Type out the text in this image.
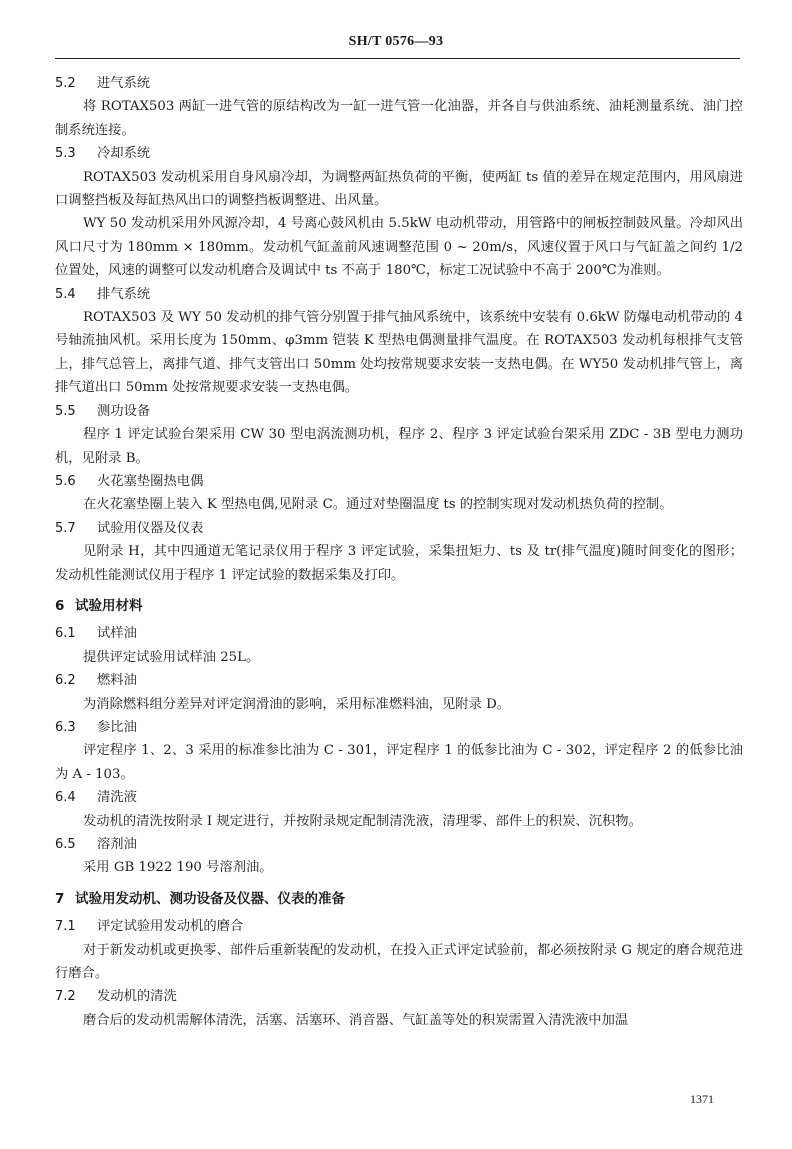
SH/T 0576—93
5.2 进气系统

将 ROTAX503 两缸一进气管的原结构改为一缸一进气管一化油器，并各自与供油系统、油耗测量系统、油门控制系统连接。

5.3 冷却系统

ROTAX503 发动机采用自身风扇冷却，为调整两缸热负荷的平衡，使两缸 ts 值的差异在规定范围内，用风扇进口调整挡板及每缸热风出口的调整挡板调整进、出风量。

WY 50 发动机采用外风源冷却，4 号离心鼓风机由 5.5kW 电动机带动，用管路中的闸板控制鼓风量。冷却风出风口尺寸为 180mm × 180mm。发动机气缸盖前风速调整范围 0 ~ 20m/s，风速仪置于风口与气缸盖之间约 1/2 位置处，风速的调整可以发动机磨合及调试中 ts 不高于 180℃，标定工况试验中不高于 200℃为准则。

5.4 排气系统

ROTAX503 及 WY 50 发动机的排气管分别置于排气抽风系统中，该系统中安装有 0.6kW 防爆电动机带动的 4 号轴流抽风机。采用长度为 150mm、φ3mm 铠装 K 型热电偶测量排气温度。在 ROTAX503 发动机每根排气支管上，排气总管上，离排气道、排气支管出口 50mm 处均按常规要求安装一支热电偶。在 WY50 发动机排气管上，离排气道出口 50mm 处按常规要求安装一支热电偶。

5.5 测功设备

程序 1 评定试验台架采用 CW 30 型电涡流测功机，程序 2、程序 3 评定试验台架采用 ZDC - 3B 型电力测功机，见附录 B。

5.6 火花塞垫圈热电偶

在火花塞垫圈上装入 K 型热电偶,见附录 C。通过对垫圈温度 ts 的控制实现对发动机热负荷的控制。

5.7 试验用仪器及仪表

见附录 H，其中四通道无笔记录仪用于程序 3 评定试验，采集扭矩力、ts 及 tr(排气温度)随时间变化的图形；发动机性能测试仪用于程序 1 评定试验的数据采集及打印。

6 试验用材料
6.1 试样油

提供评定试验用试样油 25L。

6.2 燃料油

为消除燃料组分差异对评定润滑油的影响，采用标准燃料油，见附录 D。

6.3 参比油

评定程序 1、2、3 采用的标准参比油为 C - 301，评定程序 1 的低参比油为 C - 302，评定程序 2 的低参比油为 A - 103。

6.4 清洗液

发动机的清洗按附录 I 规定进行，并按附录规定配制清洗液，清理零、部件上的积炭、沉积物。

6.5 溶剂油

采用 GB 1922 190 号溶剂油。

7 试验用发动机、测功设备及仪器、仪表的准备
7.1 评定试验用发动机的磨合

对于新发动机或更换零、部件后重新装配的发动机，在投入正式评定试验前，都必须按附录 G 规定的磨合规范进行磨合。

7.2 发动机的清洗

磨合后的发动机需解体清洗，活塞、活塞环、消音器、气缸盖等处的积炭需置入清洗液中加温

1371
